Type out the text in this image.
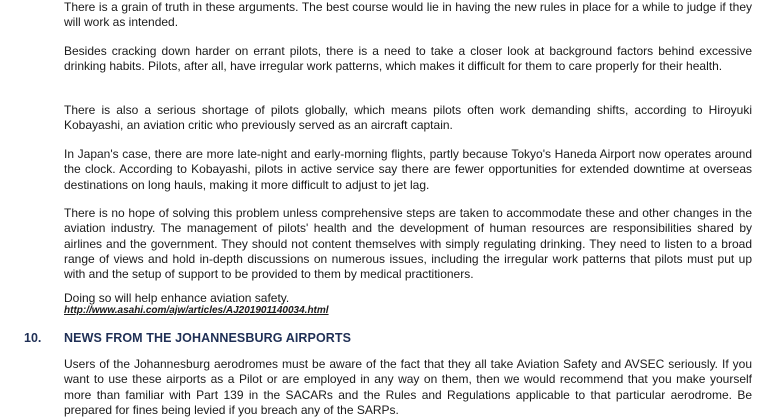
There is a grain of truth in these arguments. The best course would lie in having the new rules in place for a while to judge if they will work as intended.

Besides cracking down harder on errant pilots, there is a need to take a closer look at background factors behind excessive drinking habits. Pilots, after all, have irregular work patterns, which makes it difficult for them to care properly for their health.

There is also a serious shortage of pilots globally, which means pilots often work demanding shifts, according to Hiroyuki Kobayashi, an aviation critic who previously served as an aircraft captain.

In Japan's case, there are more late-night and early-morning flights, partly because Tokyo's Haneda Airport now operates around the clock. According to Kobayashi, pilots in active service say there are fewer opportunities for extended downtime at overseas destinations on long hauls, making it more difficult to adjust to jet lag.

There is no hope of solving this problem unless comprehensive steps are taken to accommodate these and other changes in the aviation industry. The management of pilots' health and the development of human resources are responsibilities shared by airlines and the government. They should not content themselves with simply regulating drinking. They need to listen to a broad range of views and hold in-depth discussions on numerous issues, including the irregular work patterns that pilots must put up with and the setup of support to be provided to them by medical practitioners.

Doing so will help enhance aviation safety.

http://www.asahi.com/ajw/articles/AJ201901140034.html
10. NEWS FROM THE JOHANNESBURG AIRPORTS

Users of the Johannesburg aerodromes must be aware of the fact that they all take Aviation Safety and AVSEC seriously. If you want to use these airports as a Pilot or are employed in any way on them, then we would recommend that you make yourself more than familiar with Part 139 in the SACARs and the Rules and Regulations applicable to that particular aerodrome. Be prepared for fines being levied if you breach any of the SARPs.
